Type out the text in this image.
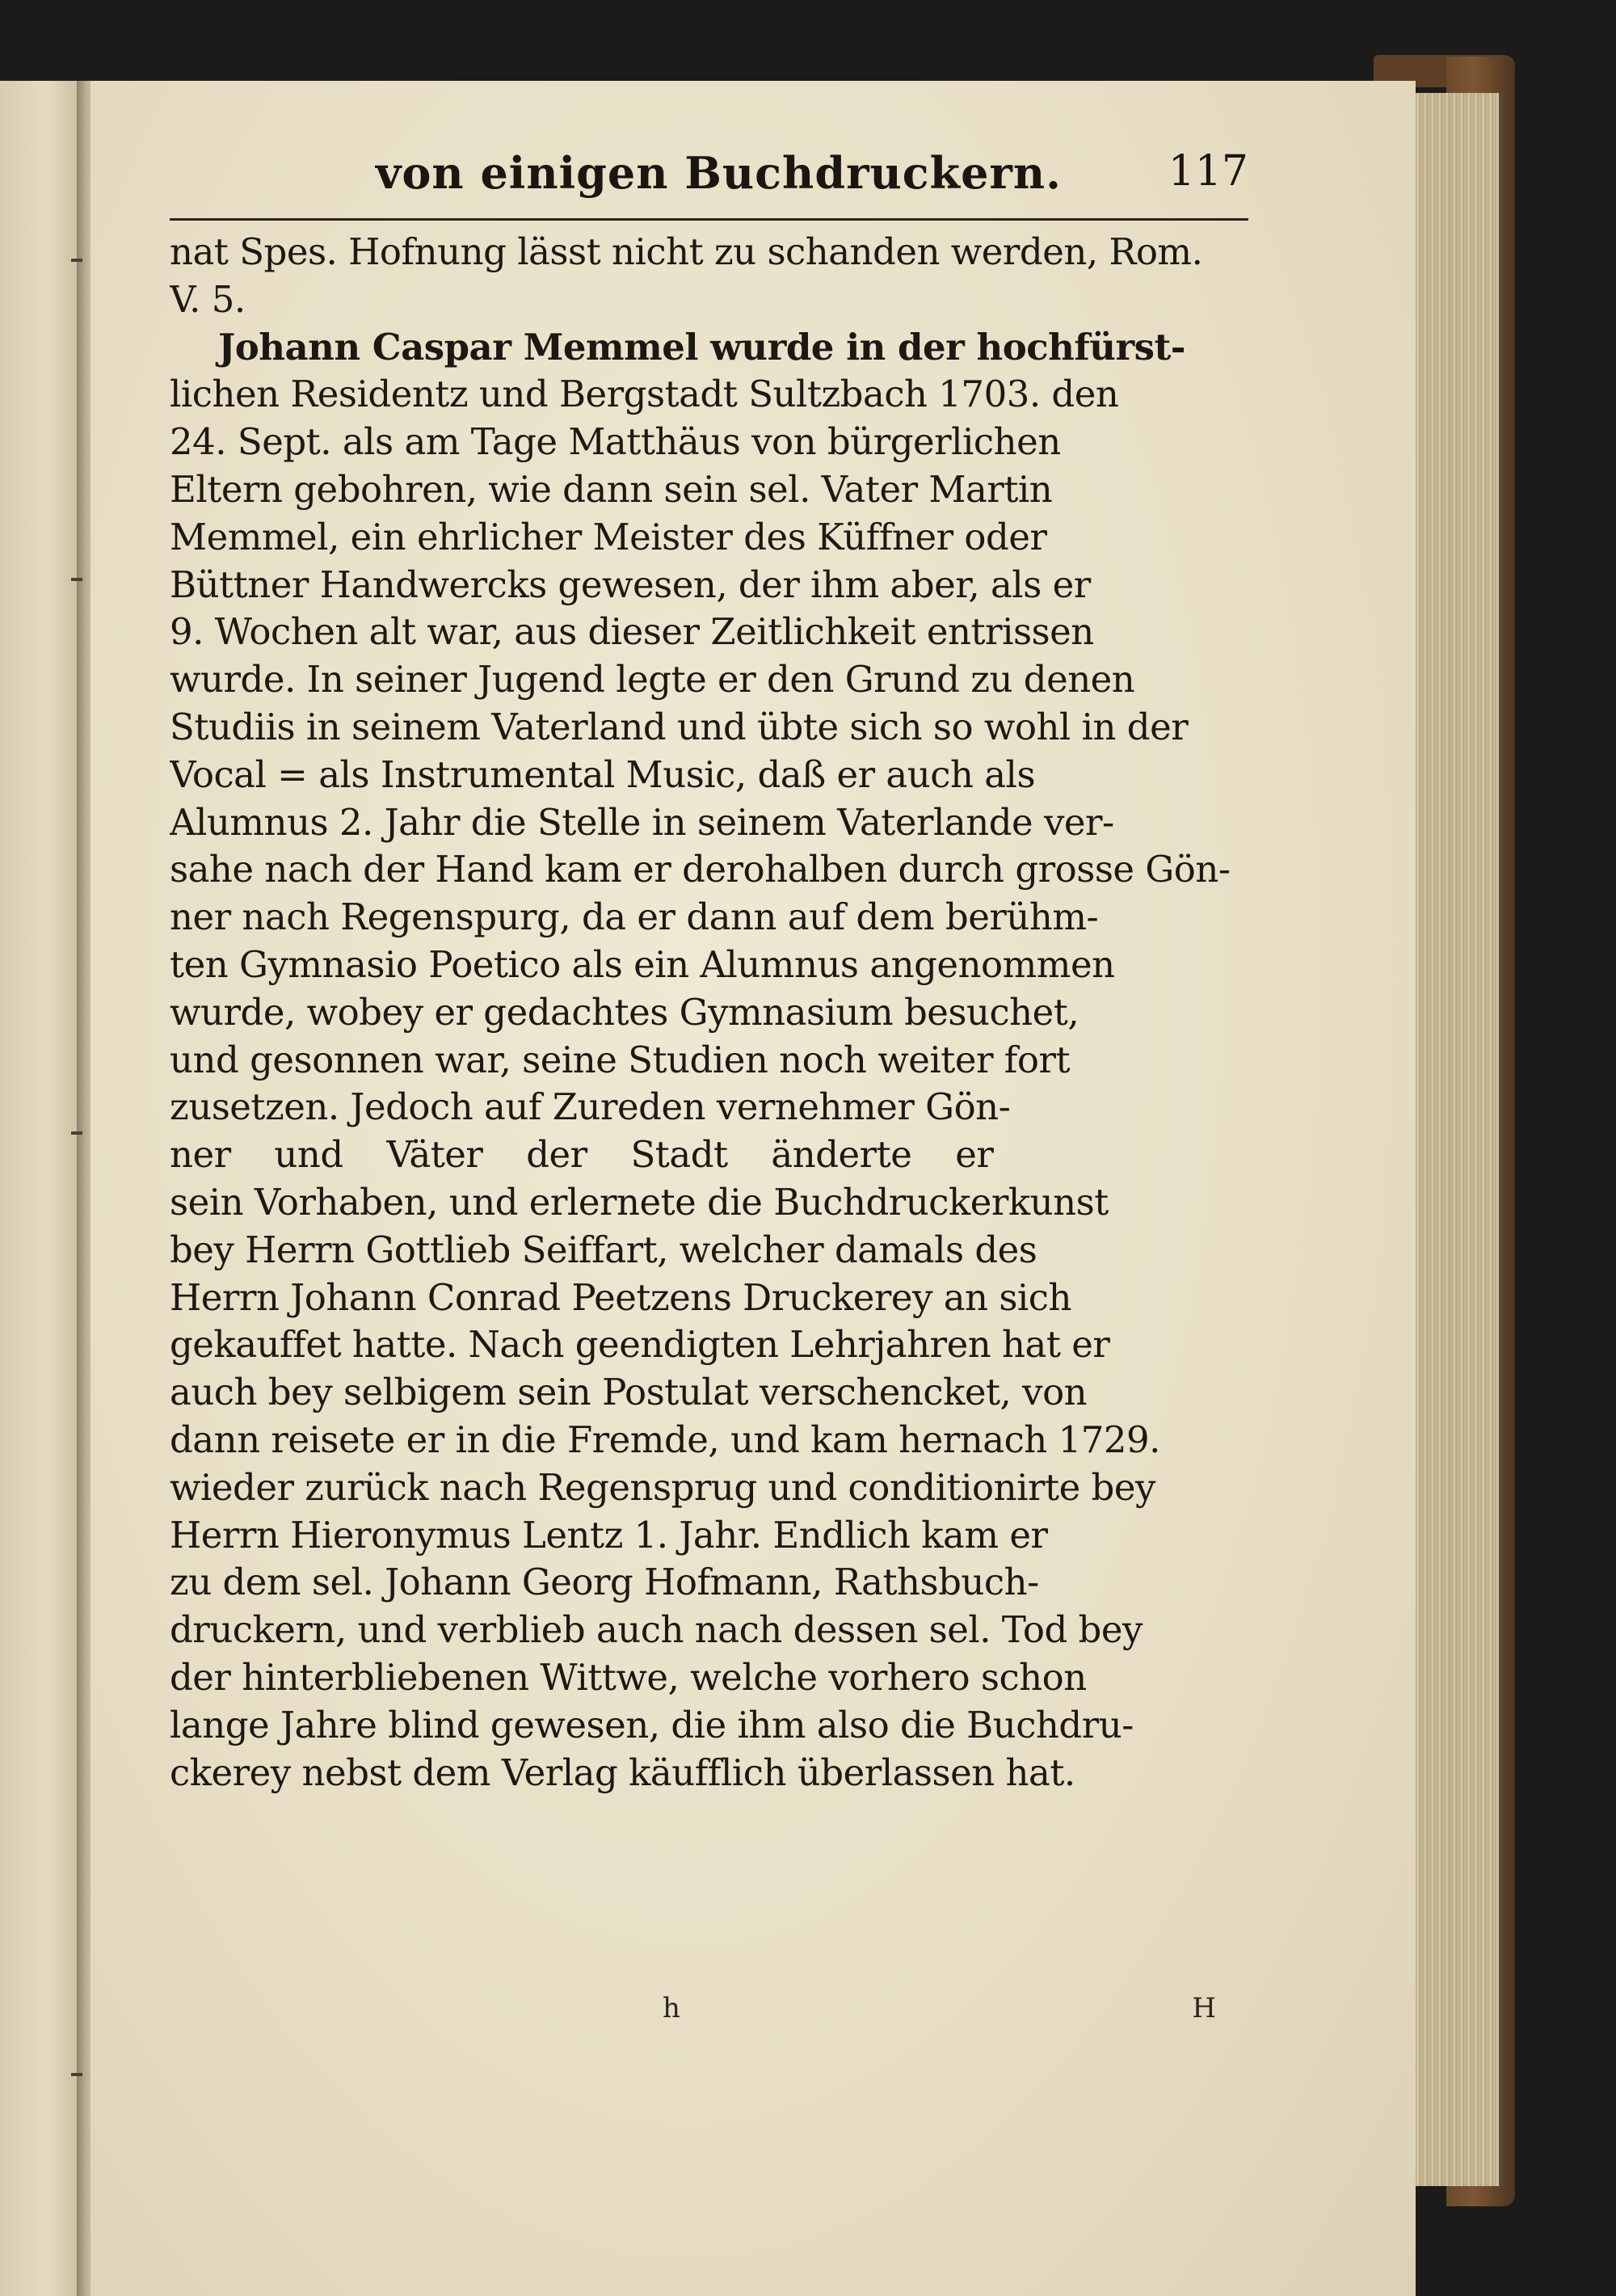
von einigen Buchdruckern.	117
nat Spes. Hofnung lässt nicht zu schanden werden, Rom.
V. 5.
Johann Caspar Memmel wurde in der hochfürst-
lichen Residentz und Bergstadt Sultzbach 1703. den
24. Sept. als am Tage Matthäus von bürgerlichen
Eltern gebohren, wie dann sein sel. Vater Martin
Memmel, ein ehrlicher Meister des Küffner oder
Büttner Handwercks gewesen, der ihm aber, als er
9. Wochen alt war, aus dieser Zeitlichkeit entrissen
wurde. In seiner Jugend legte er den Grund zu denen
Studiis in seinem Vaterland und übte sich so wohl in der
Vocal = als Instrumental Music, daß er auch als
Alumnus 2. Jahr die Stelle in seinem Vaterlande ver-
sahe nach der Hand kam er derohalben durch grosse Gön-
ner nach Regenspurg, da er dann auf dem berühm-
ten Gymnasio Poetico als ein Alumnus angenommen
wurde, wobey er gedachtes Gymnasium besuchet,
und gesonnen war, seine Studien noch weiter fort
zusetzen. Jedoch auf Zureden vernehmer Gön-
ner und Väter der Stadt änderte er
sein Vorhaben, und erlernete die Buchdruckerkunst
bey Herrn Gottlieb Seiffart, welcher damals des
Herrn Johann Conrad Peetzens Druckerey an sich
gekauffet hatte. Nach geendigten Lehrjahren hat er
auch bey selbigem sein Postulat verschencket, von
dann reisete er in die Fremde, und kam hernach 1729.
wieder zurück nach Regensprug und conditionirte bey
Herrn Hieronymus Lentz 1. Jahr. Endlich kam er
zu dem sel. Johann Georg Hofmann, Rathsbuch-
druckern, und verblieb auch nach dessen sel. Tod bey
der hinterbliebenen Wittwe, welche vorhero schon
lange Jahre blind gewesen, die ihm also die Buchdru-
ckerey nebst dem Verlag käufflich überlassen hat.
h	H
